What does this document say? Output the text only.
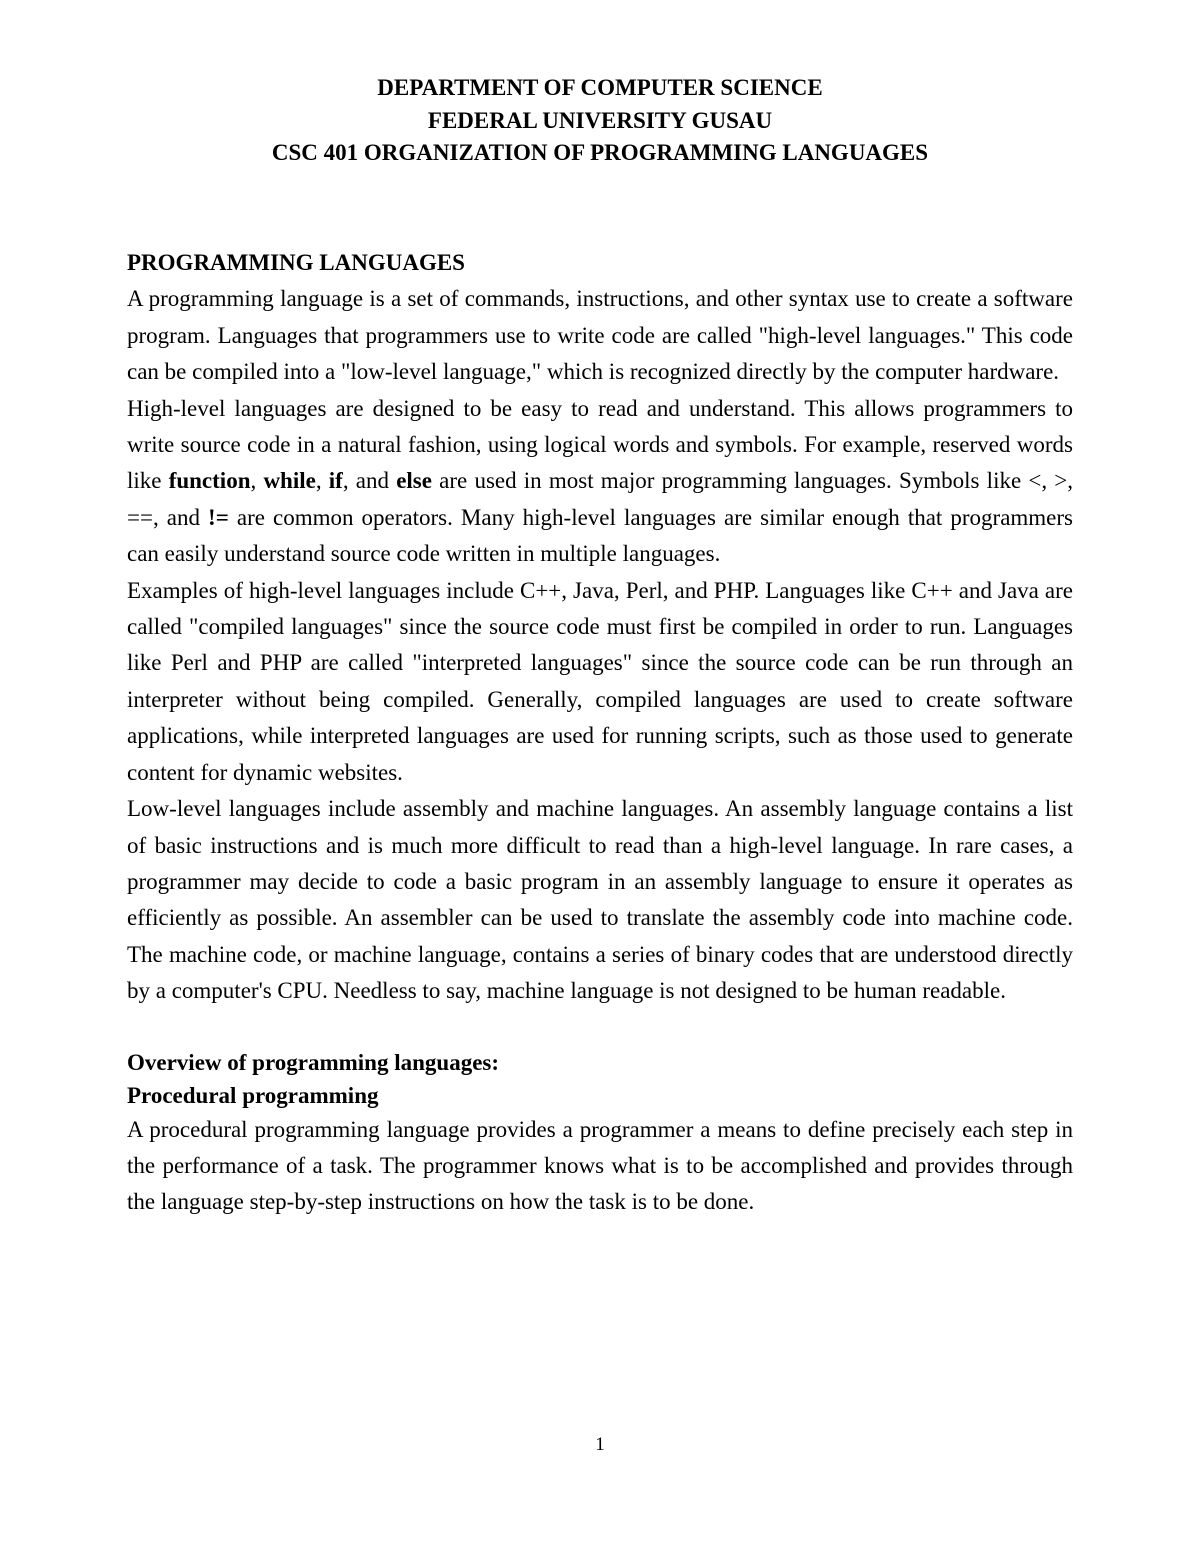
DEPARTMENT OF COMPUTER SCIENCE
FEDERAL UNIVERSITY GUSAU
CSC 401 ORGANIZATION OF PROGRAMMING LANGUAGES
PROGRAMMING LANGUAGES

A programming language is a set of commands, instructions, and other syntax use to create a software program. Languages that programmers use to write code are called "high-level languages." This code can be compiled into a "low-level language," which is recognized directly by the computer hardware.

High-level languages are designed to be easy to read and understand. This allows programmers to write source code in a natural fashion, using logical words and symbols. For example, reserved words like function, while, if, and else are used in most major programming languages. Symbols like <, >, ==, and != are common operators. Many high-level languages are similar enough that programmers can easily understand source code written in multiple languages.

Examples of high-level languages include C++, Java, Perl, and PHP. Languages like C++ and Java are called "compiled languages" since the source code must first be compiled in order to run. Languages like Perl and PHP are called "interpreted languages" since the source code can be run through an interpreter without being compiled. Generally, compiled languages are used to create software applications, while interpreted languages are used for running scripts, such as those used to generate content for dynamic websites.

Low-level languages include assembly and machine languages. An assembly language contains a list of basic instructions and is much more difficult to read than a high-level language. In rare cases, a programmer may decide to code a basic program in an assembly language to ensure it operates as efficiently as possible. An assembler can be used to translate the assembly code into machine code. The machine code, or machine language, contains a series of binary codes that are understood directly by a computer's CPU. Needless to say, machine language is not designed to be human readable.

Overview of programming languages:
Procedural programming

A procedural programming language provides a programmer a means to define precisely each step in the performance of a task. The programmer knows what is to be accomplished and provides through the language step-by-step instructions on how the task is to be done.

1
